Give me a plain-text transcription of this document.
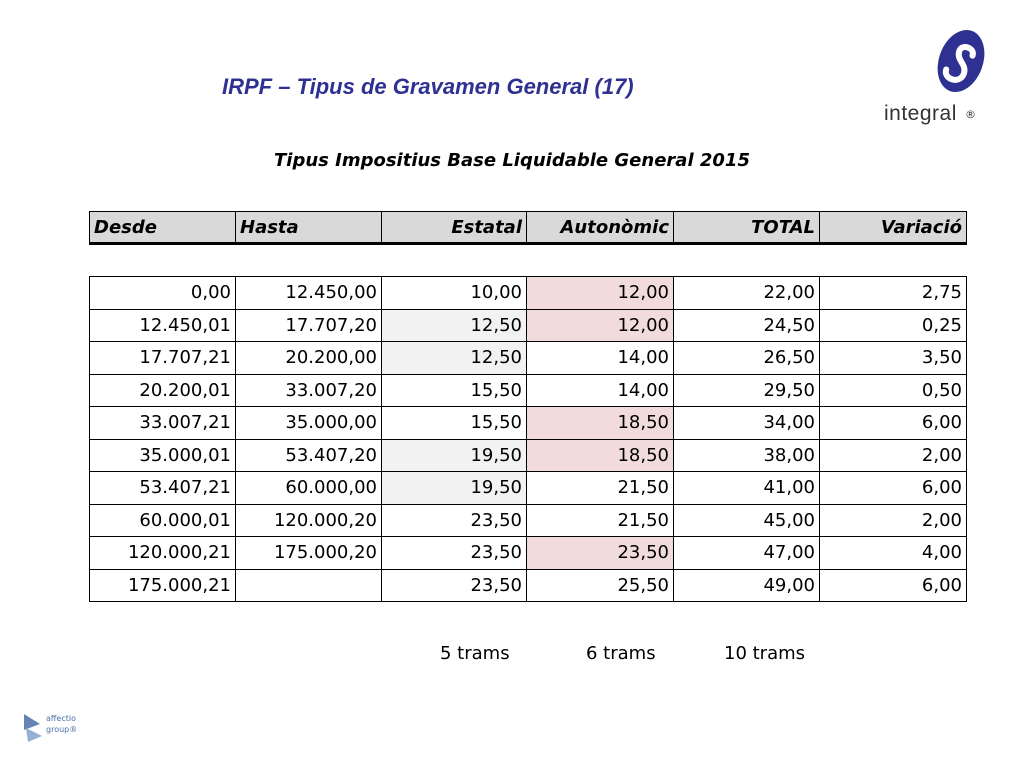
IRPF – Tipus de Gravamen General (17)
integral ®
Tipus Impositius Base Liquidable General 2015
Desde	Hasta	Estatal	Autonòmic	TOTAL	Variació
0,00	12.450,00	10,00	12,00	22,00	2,75
12.450,01	17.707,20	12,50	12,00	24,50	0,25
17.707,21	20.200,00	12,50	14,00	26,50	3,50
20.200,01	33.007,20	15,50	14,00	29,50	0,50
33.007,21	35.000,00	15,50	18,50	34,00	6,00
35.000,01	53.407,20	19,50	18,50	38,00	2,00
53.407,21	60.000,00	19,50	21,50	41,00	6,00
60.000,01	120.000,20	23,50	21,50	45,00	2,00
120.000,21	175.000,20	23,50	23,50	47,00	4,00
175.000,21		23,50	25,50	49,00	6,00
5 trams	6 trams	10 trams
affectio
group®
